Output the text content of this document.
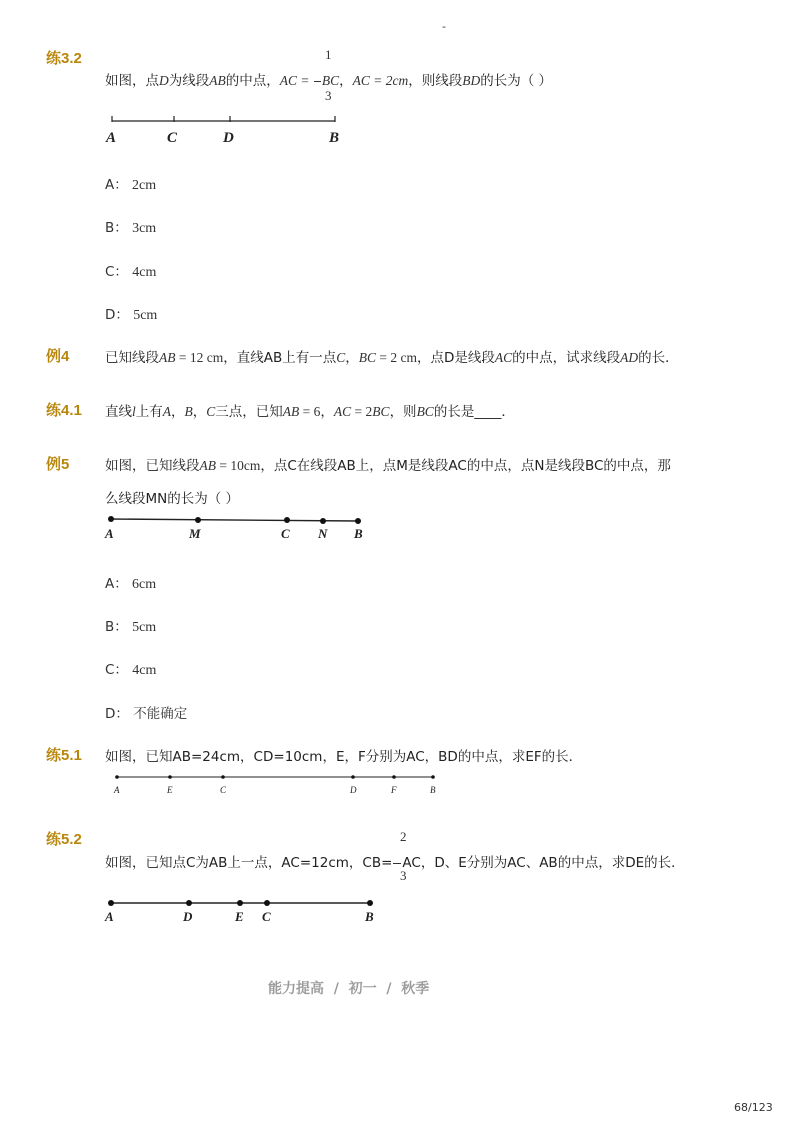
-
练3.2	1
3
如图，点D为线段AB的中点，AC = BC，AC = 2cm，则线段BD的长为（ ）
A	C	D	B
A： 2cm
B： 3cm
C： 4cm
D： 5cm
例4	已知线段AB = 12 cm，直线AB上有一点C，BC = 2 cm，点D是线段AC的中点，试求线段AD的长．
练4.1 直线l上有A，B，C三点，已知AB = 6，AC = 2BC，则BC的长是____．
例5	如图，已知线段AB = 10cm，点C在线段AB上，点M是线段AC的中点，点N是线段BC的中点，那
么线段MN的长为（ ）
A	M	C N B
A： 6cm
B： 5cm
C： 4cm
D： 不能确定
练5.1 如图，已知AB=24cm，CD=10cm，E，F分别为AC，BD的中点，求EF的长．
A	E	C	D	F	B
练5.2	2
3
如图，已知点C为AB上一点，AC=12cm，CB= AC，D、E分别为AC、AB的中点，求DE的长．
A	D	E C	B
能力提高  /  初一  /  秋季
68/123
